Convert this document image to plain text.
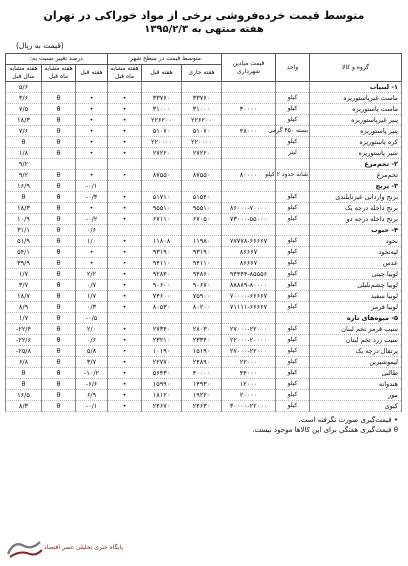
متوسط قیمت خرده‌فروشی برخی از مواد خوراکی در تهران
هفته منتهی به ۱۳۹۵/۲/۳
(قیمت به ریال)
گروه و کالا	واحد	قیمت میادین شهرداری	متوسط قیمت در سطح شهر:			درصد تغییر نسبت به:		
			هفته جاری	هفته قبل	هفته مشابه ماه قبل	هفته قبل	هفته مشابه ماه قبل	هفته مشابه سال قبل
۱- لبنیات								۵/۶
ماست غیرپاستوریزه	کیلو		۳۳۷۶۰	۳۳۷۶۰	•	•	θ	۳/۶
ماست پاستوریزه	کیلو	۳۰۰۰۰	۳۱۰۰۰	۳۱۰۰۰	•	•	θ	۷/۵
پنیر غیرپاستوریزه	کیلو		۲۲۶۲۰۰	۲۲۶۲۰۰	•	•	θ	۱۸/۳
پنیر پاستوریزه	بسته ۴۵۰ گرمی	۴۸۰۰۰	۵۱۰۷۰	۵۱۰۷۰	•	•	θ	۷/۶
کره پاستوریزه	کیلو		۲۲۰۰۰۰	۲۲۰۰۰۰	•	•	θ	θ
شیر پاستوریزه	لیتر		۲۷۲۲۰	۲۷۲۲۰	•	•	θ	۱/۸
۲- تخم‌مرغ								۹/۲
تخم‌مرغ	شانه حدود ۲ کیلو	۸۰۰۰۰	۸۷۵۵۰	۸۷۵۵۰	•	•	θ	۹/۲
۳- برنج						۰/۱-	θ	۱۶/۹
برنج وارداتی غیرتایلندی	کیلو		۵۱۵۴۰	۵۱۷۱۰	•	۰/۳-	θ	θ
برنج داخله درجه یک	کیلو	۸۶۰۰۰-۷۰۰۰۰	۹۵۵۱۰	۹۵۵۱۰	•	•	θ	۱۸/۳
برنج داخله درجه دو	کیلو	۷۳۰۰۰-۵۵۰۰۰	۶۷۰۵۰	۶۷۱۱۰	•	۰/۲-	θ	۱۰/۹
۴- حبوب						۰/۶	θ	۳۱/۱
نخود	کیلو	۷۷۷۷۸-۶۶۶۶۷	۱۱۹۸۰	۱۱۸۰۸	•	۱/۰	θ	۵۱/۹
لپه‌نخود	کیلو	۸۶۶۶۷	۹۳۱۹۰	۹۳۱۹۰	•	•	θ	۵۴/۱
عدس	کیلو	۸۶۶۶۷	۹۴۱۱۰	۹۴۱۱۰	•	•	θ	۳۹/۹
لوبیا چیتی	کیلو	۹۴۴۴۴-۸۵۵۵۶	۹۴۸۶۰	۹۲۸۴۰	•	۲/۲	θ	۱/۷
لوبیا چشم‌بلبلی	کیلو	۸۸۸۸۹-۸۰۰۰۰	۹۰۶۷۰	۹۰۶۰۰	•	۰/۷	θ	۳/۷
لوبیا سفید	کیلو	۷۰۰۰۰-۶۶۶۶۷	۷۵۹۰۰	۷۴۶۰۰	•	۱/۷	θ	۱۸/۷
لوبیا قرمز	کیلو	۷۱۱۱۱-۶۶۶۶۷	۸۰۲۰۰	۸۰۵۳۰	•	۰/۳	θ	۸/۹
۵- میوه‌های تازه						۰/۵-	θ	۱/۷
سیب قرمز تخم لبنان	کیلو	۲۷۰۰۰-۲۲۰۰۰	۲۸۰۳۰	۲۷۳۴۰	•	۲/۰	θ	۲۲/۴-
سیب زرد تخم لبنان	کیلو	۲۲۰۰۰-۲۰۰۰۰	۲۳۳۴۰	۲۳۲۱۰	•	۰/۶	θ	۲۲/۶-
پرتقال درجه یک	کیلو	۲۷۰۰۰-۲۲۰۰۰	۱۵۱۹۰	۱۰۱۹۰	•	۵/۸	θ	۲۵/۸-
لیموشیرین	کیلو	۲۲۰۰۰	۲۴۸۹۰	۲۲۷۷۰	•	۳/۷	θ	۶/۸
طالبی	کیلو	۴۴۰۰۰	۴۰۰۰۰	۵۶۴۳۰	•	۱۰/۲-	θ	θ
هندوانه	کیلو	۱۲۰۰۰	۱۴۹۳۰	۱۵۹۹۰	•	۶/۶-	θ	θ
موز	کیلو	۲۰۰۰۰	۱۹۲۲۰	۱۸۱۲۰	•	۶/۹	θ	۱۶/۵
کیوی	کیلو	۳۰۰۰۰-۲۲۰۰۰	۲۴۶۳۰	۲۴۶۷۰	•	۰/۱-	θ	۸/۳
• قیمت‌گیری صورت نگرفته است.
θ قیمت‌گیری هفتگی برای این کالاها موجود نیست.
پایگاه خبری تحلیلی عصر اقتصاد
